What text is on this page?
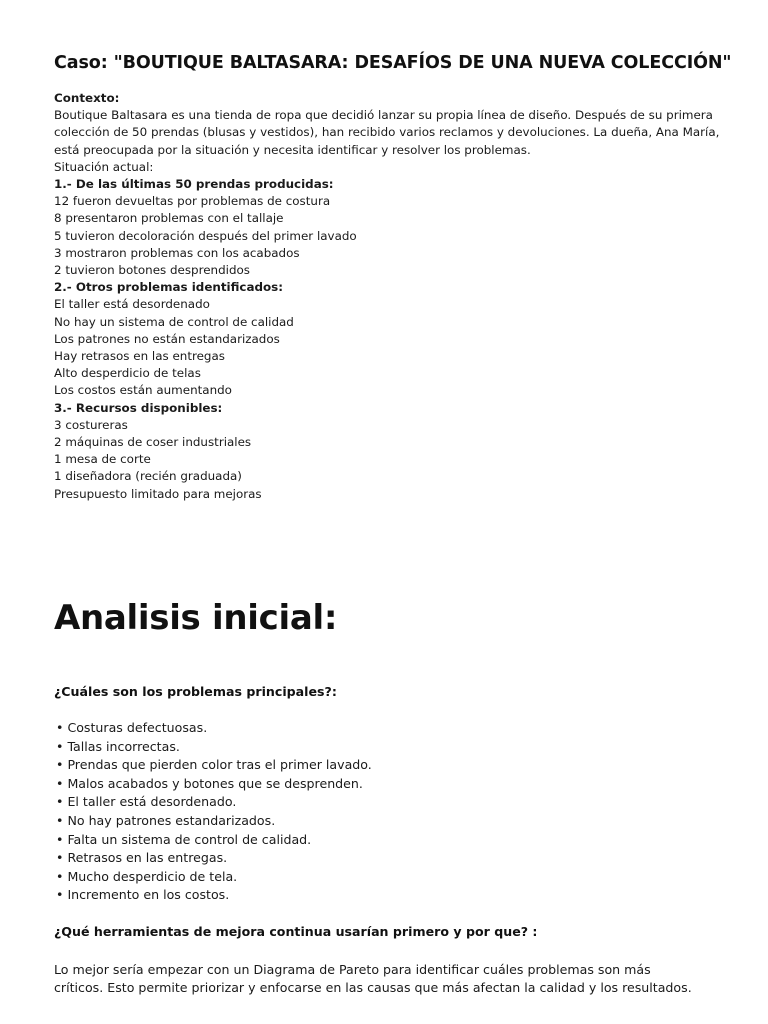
Caso: "BOUTIQUE BALTASARA: DESAFÍOS DE UNA NUEVA COLECCIÓN"
Contexto:
Boutique Baltasara es una tienda de ropa que decidió lanzar su propia línea de diseño. Después de su primera colección de 50 prendas (blusas y vestidos), han recibido varios reclamos y devoluciones. La dueña, Ana María, está preocupada por la situación y necesita identificar y resolver los problemas.
Situación actual:
1.- De las últimas 50 prendas producidas:
12 fueron devueltas por problemas de costura
8 presentaron problemas con el tallaje
5 tuvieron decoloración después del primer lavado
3 mostraron problemas con los acabados
2 tuvieron botones desprendidos
2.- Otros problemas identificados:
El taller está desordenado
No hay un sistema de control de calidad
Los patrones no están estandarizados
Hay retrasos en las entregas
Alto desperdicio de telas
Los costos están aumentando
3.- Recursos disponibles:
3 costureras
2 máquinas de coser industriales
1 mesa de corte
1 diseñadora (recién graduada)
Presupuesto limitado para mejoras
Analisis inicial:
¿Cuáles son los problemas principales?:
• Costuras defectuosas.
• Tallas incorrectas.
• Prendas que pierden color tras el primer lavado.
• Malos acabados y botones que se desprenden.
• El taller está desordenado.
• No hay patrones estandarizados.
• Falta un sistema de control de calidad.
• Retrasos en las entregas.
• Mucho desperdicio de tela.
• Incremento en los costos.
¿Qué herramientas de mejora continua usarían primero y por que? :
Lo mejor sería empezar con un Diagrama de Pareto para identificar cuáles problemas son más críticos. Esto permite priorizar y enfocarse en las causas que más afectan la calidad y los resultados.
